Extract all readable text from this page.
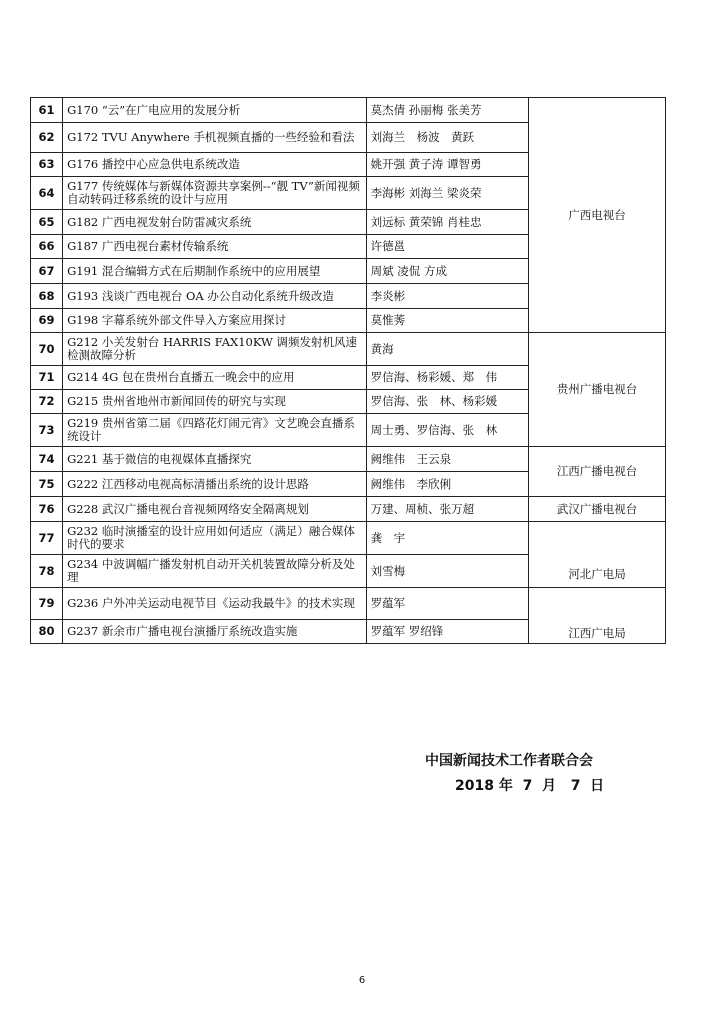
61	G170 “云”在广电应用的发展分析	莫杰倩 孙丽梅 张美芳	广西电视台
62	G172 TVU Anywhere 手机视频直播的一些经验和看法	刘海兰　杨波　黄跃	
63	G176 播控中心应急供电系统改造	姚开强 黄子涛 谭智勇	
64	G177 传统媒体与新媒体资源共享案例--“靓 TV”新闻视频自动转码迁移系统的设计与应用	李海彬 刘海兰 梁炎荣	
65	G182 广西电视发射台防雷减灾系统	刘远标 黄荣锦 肖桂忠	
66	G187 广西电视台素材传输系统	许德邕	
67	G191 混合编辑方式在后期制作系统中的应用展望	周斌 凌侃 方成	
68	G193 浅谈广西电视台 OA 办公自动化系统升级改造	李炎彬	
69	G198 字幕系统外部文件导入方案应用探讨	莫惟莠	
70	G212 小关发射台 HARRIS FAX10KW 调频发射机风速检测故障分析	黄海	贵州广播电视台
71	G214 4G 包在贵州台直播五一晚会中的应用	罗信海、杨彩媛、郑　伟	
72	G215 贵州省地州市新闻回传的研究与实现	罗信海、张　林、杨彩媛	
73	G219 贵州省第二届《四路花灯闹元宵》文艺晚会直播系统设计	周士勇、罗信海、张　林	
74	G221 基于微信的电视媒体直播探究	阙维伟　王云泉	江西广播电视台
75	G222 江西移动电视高标清播出系统的设计思路	阙维伟　李欣俐	
76	G228 武汉广播电视台音视频网络安全隔离规划	万建、周桢、张万超	武汉广播电视台
77	G232 临时演播室的设计应用如何适应（满足）融合媒体时代的要求	龚　宇	河北广电局
78	G234 中波调幅广播发射机自动开关机装置故障分析及处理	刘雪梅	
79	G236 户外冲关运动电视节目《运动我最牛》的技术实现	罗蕴军	江西广电局
80	G237 新余市广播电视台演播厅系统改造实施	罗蕴军 罗绍锋	
中国新闻技术工作者联合会
2018 年  7  月   7  日
6
